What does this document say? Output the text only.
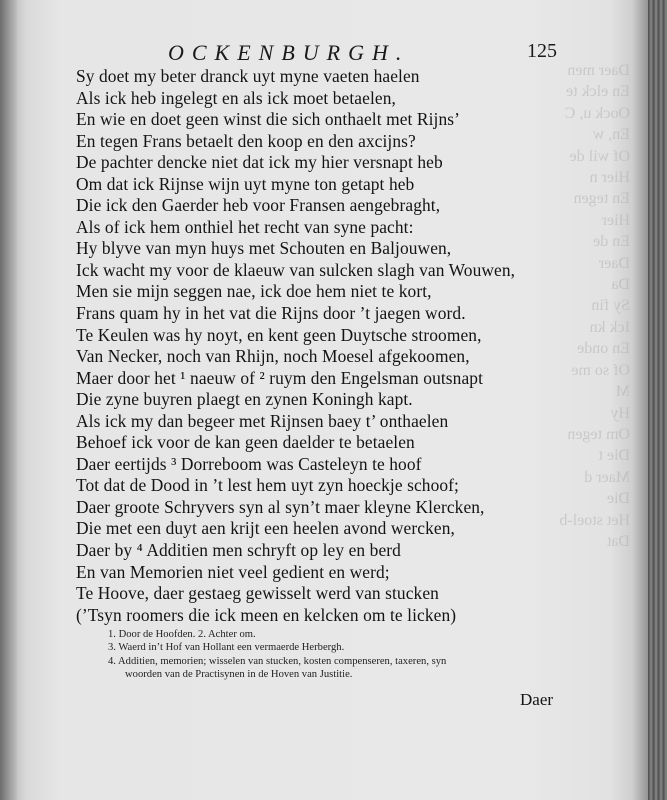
Daer men
En elck te
Oock u, C
En, w
Of wil de
Hier n
En tegen
Hier
En de
Daer
Da
Sy fin
Ick kn
En onde
Of so me
M
Hy
Om tegen
Die t
Maer d
Die
Het stoel-b
Dat
OCKENBURGH.	125
Sy doet my beter dranck uyt myne vaeten haelen
Als ick heb ingelegt en als ick moet betaelen,
En wie en doet geen winst die sich onthaelt met Rijns’
En tegen Frans betaelt den koop en den axcijns?
De pachter dencke niet dat ick my hier versnapt heb
Om dat ick Rijnse wijn uyt myne ton getapt heb
Die ick den Gaerder heb voor Fransen aengebraght,
Als of ick hem onthiel het recht van syne pacht:
Hy blyve van myn huys met Schouten en Baljouwen,
Ick wacht my voor de klaeuw van sulcken slagh van Wouwen,
Men sie mijn seggen nae, ick doe hem niet te kort,
Frans quam hy in het vat die Rijns door ’t jaegen word.
Te Keulen was hy noyt, en kent geen Duytsche stroomen,
Van Necker, noch van Rhijn, noch Moesel afgekoomen,
Maer door het ¹ naeuw of ² ruym den Engelsman outsnapt
Die zyne buyren plaegt en zynen Koningh kapt.
Als ick my dan begeer met Rijnsen baey t’ onthaelen
Behoef ick voor de kan geen daelder te betaelen
Daer eertijds ³ Dorreboom was Casteleyn te hoof
Tot dat de Dood in ’t lest hem uyt zyn hoeckje schoof;
Daer groote Schryvers syn al syn’t maer kleyne Klercken,
Die met een duyt aen krijt een heelen avond wercken,
Daer by ⁴ Additien men schryft op ley en berd
En van Memorien niet veel gedient en werd;
Te Hoove, daer gestaeg gewisselt werd van stucken
(’Tsyn roomers die ick meen en kelcken om te licken)
1. Door de Hoofden. 2. Achter om.
3. Waerd in’t Hof van Hollant een vermaerde Herbergh.
4. Additien, memorien; wisselen van stucken, kosten compenseren, taxeren, syn
woorden van de Practisynen in de Hoven van Justitie.
Daer
